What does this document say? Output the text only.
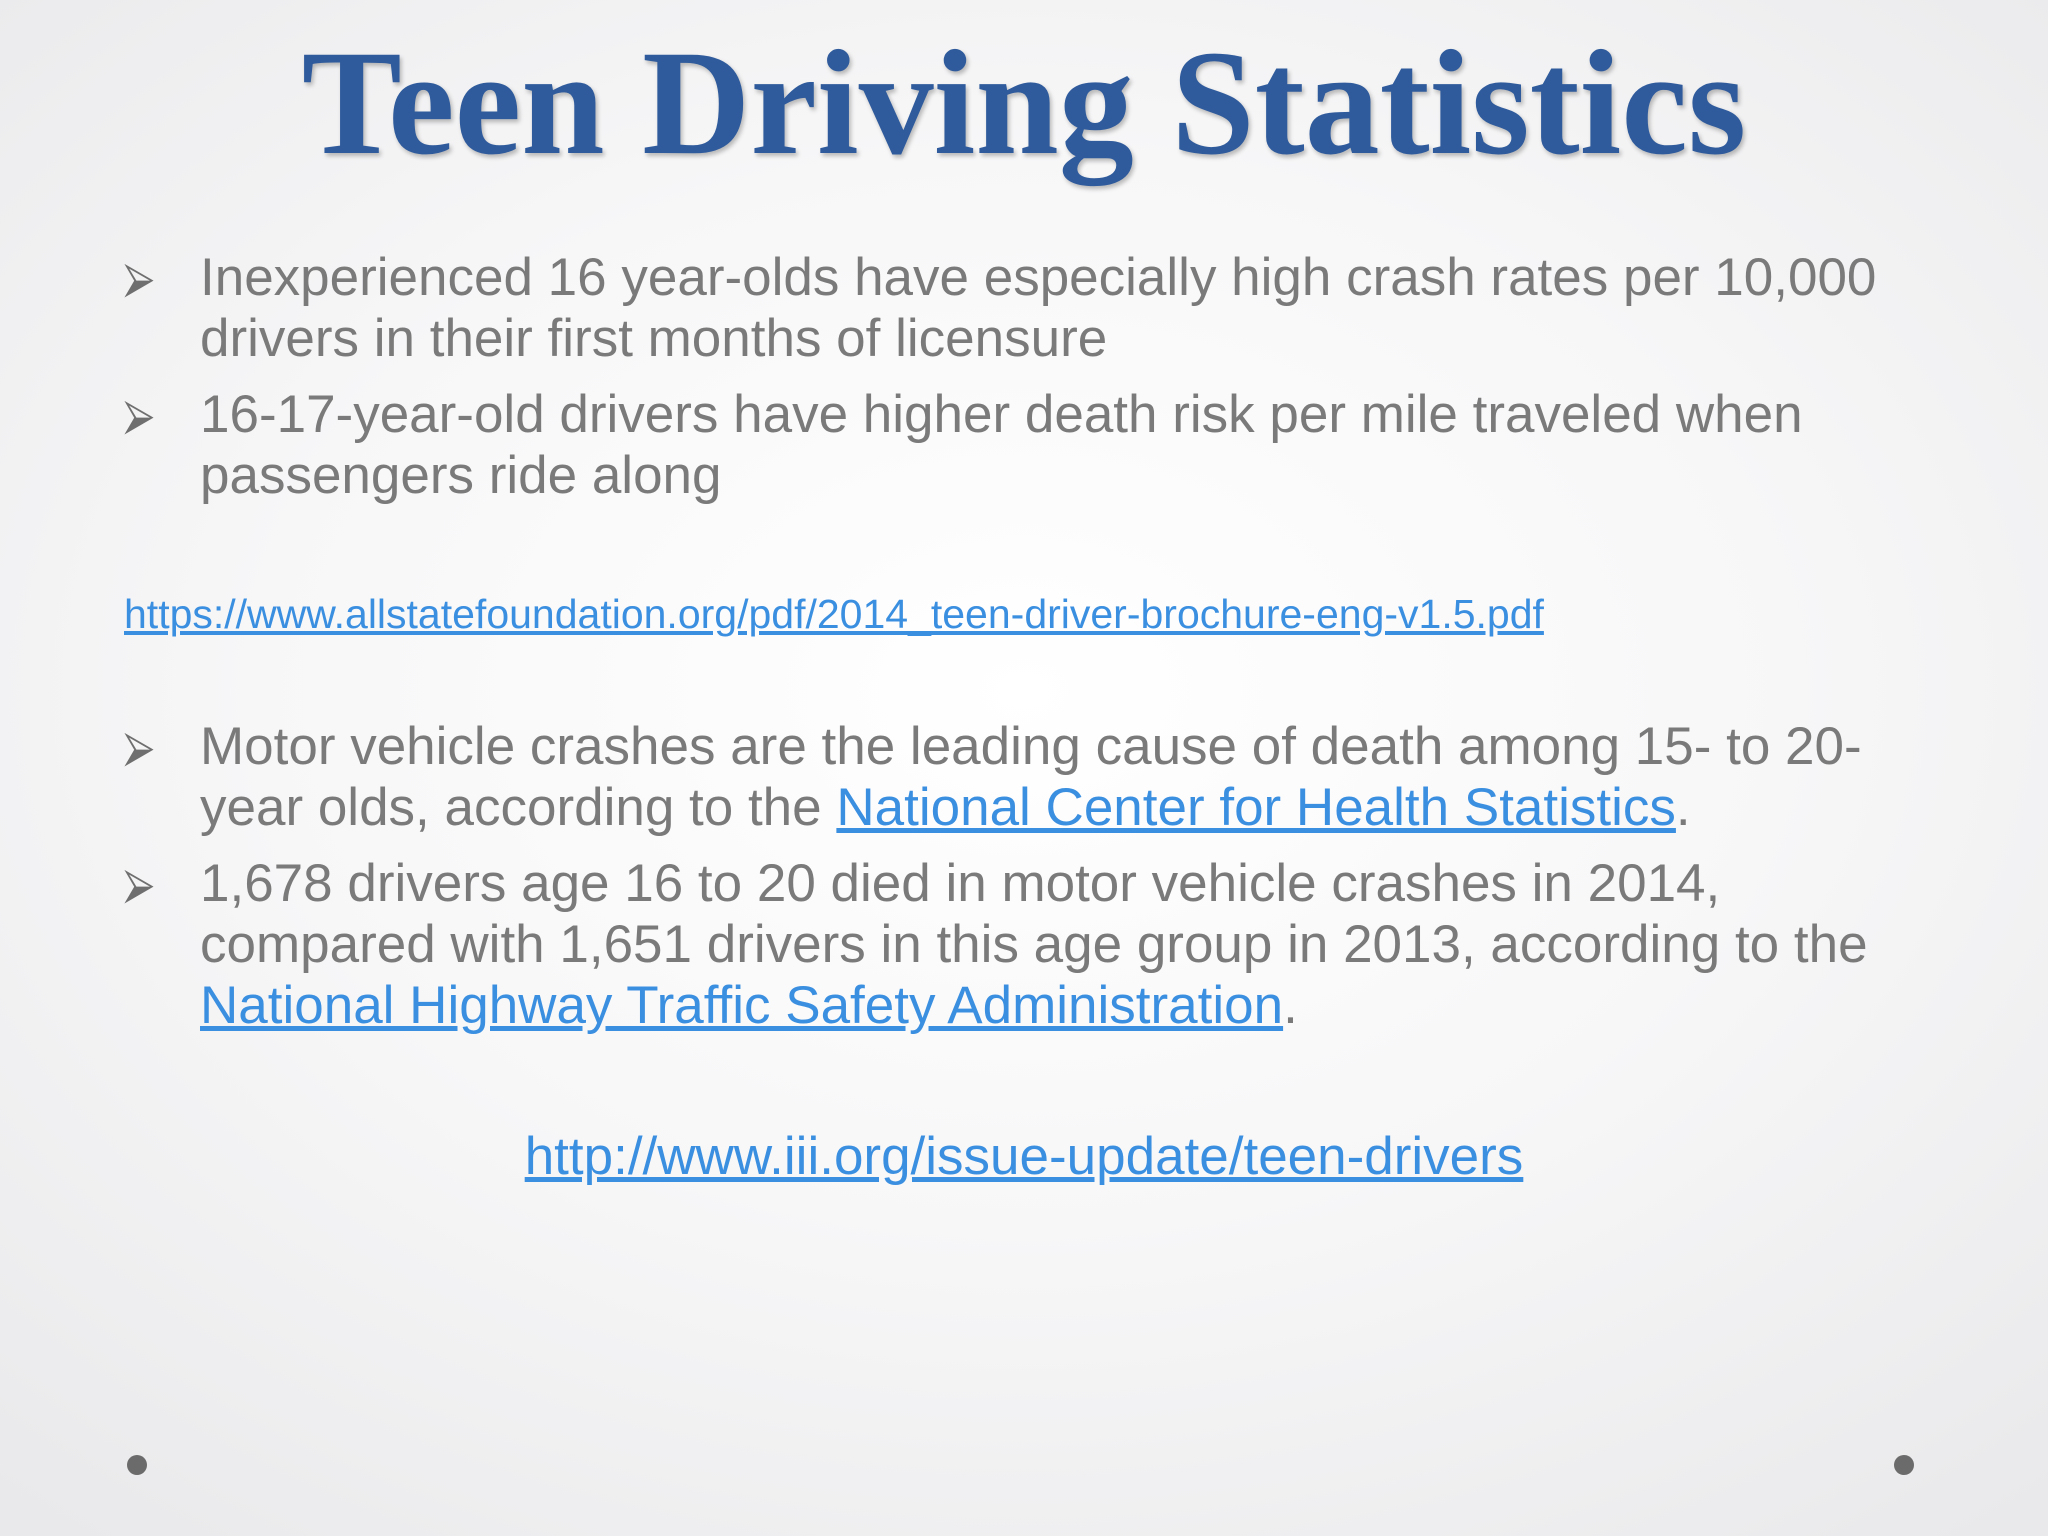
Teen Driving Statistics
⮚ Inexperienced 16 year-olds have especially high crash rates per 10,000 drivers in their first months of licensure
⮚ 16-17-year-old drivers have higher death risk per mile traveled when passengers ride along
https://www.allstatefoundation.org/pdf/2014_teen-driver-brochure-eng-v1.5.pdf
⮚ Motor vehicle crashes are the leading cause of death among 15- to 20-year olds, according to the National Center for Health Statistics.
⮚ 1,678 drivers age 16 to 20 died in motor vehicle crashes in 2014, compared with 1,651 drivers in this age group in 2013, according to the National Highway Traffic Safety Administration.
http://www.iii.org/issue-update/teen-drivers
